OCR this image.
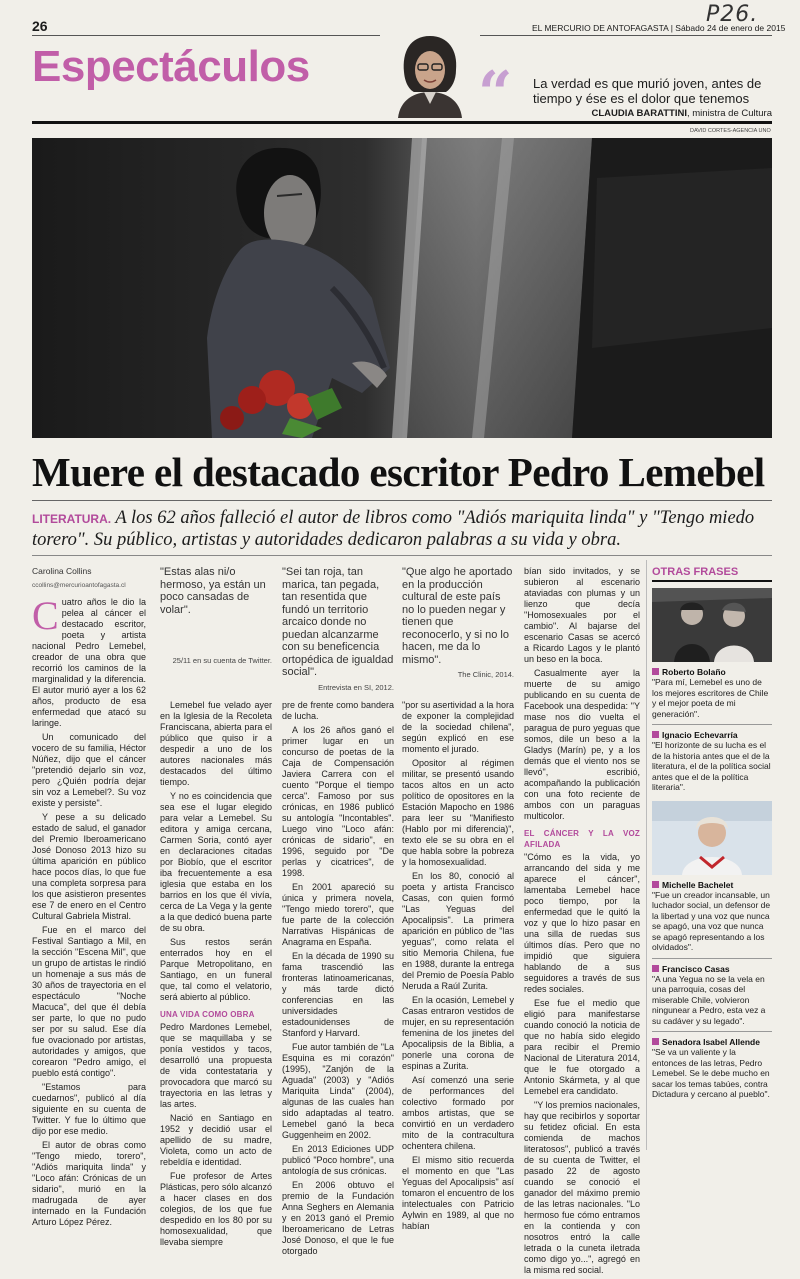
P26.
26	EL MERCURIO DE ANTOFAGASTA | Sábado 24 de enero de 2015
Espectáculos	“ La verdad es que murió joven, antes de tiempo y ése es el dolor que tenemos
CLAUDIA BARATTINI, ministra de Cultura
DAVID CORTES-AGENCIA UNO
Muere el destacado escritor Pedro Lemebel
LITERATURA. A los 62 años falleció el autor de libros como "Adiós mariquita linda" y "Tengo miedo torero". Su público, artistas y autoridades dedicaron palabras a su vida y obra.

Carolina Collins

ccollins@mercurioantofagasta.cl

Cuatro años le dio la pelea al cáncer el destacado escritor, poeta y artista nacional Pedro Lemebel, creador de una obra que recorrió los caminos de la marginalidad y la diferencia. El autor murió ayer a los 62 años, producto de esa enfermedad que atacó su laringe.

Un comunicado del vocero de su familia, Héctor Núñez, dijo que el cáncer "pretendió dejarlo sin voz, pero ¿Quién podría dejar sin voz a Lemebel?. Su voz existe y persiste".

Y pese a su delicado estado de salud, el ganador del Premio Iberoamericano José Donoso 2013 hizo su última aparición en público hace pocos días, lo que fue una completa sorpresa para los que asistieron presentes ese 7 de enero en el Centro Cultural Gabriela Mistral.

Fue en el marco del Festival Santiago a Mil, en la sección "Escena Mil", que un grupo de artistas le rindió un homenaje a sus más de 30 años de trayectoria en el espectáculo "Noche Macuca", del que él debía ser parte, lo que no pudo ser por su salud. Ese día fue ovacionado por artistas, autoridades y amigos, que corearon "Pedro amigo, el pueblo está contigo".

"Estamos para cuedarnos", publicó al día siguiente en su cuenta de Twitter. Y fue lo último que dijo por ese medio.

El autor de obras como "Tengo miedo, torero", "Adiós mariquita linda" y "Loco afán: Crónicas de un sidario", murió en la madrugada de ayer internado en la Fundación Arturo López Pérez.

"Estas alas ni/o hermoso, ya están un poco cansadas de volar".
25/11 en su cuenta de Twitter.
"Sei tan roja, tan marica, tan pegada, tan resentida que fundó un territorio arcaico donde no puedan alcanzarme con su beneficencia ortopédica de igualdad social".
Entrevista en SI, 2012.
"Que algo he aportado en la producción cultural de este país no lo pueden negar y tienen que reconocerlo, y si no lo hacen, me da lo mismo".
The Clinic, 2014.

Lemebel fue velado ayer en la Iglesia de la Recoleta Franciscana, abierta para el público que quiso ir a despedir a uno de los autores nacionales más destacados del último tiempo.

Y no es coincidencia que sea ese el lugar elegido para velar a Lemebel. Su editora y amiga cercana, Carmen Soria, contó ayer en declaraciones citadas por Biobío, que el escritor iba frecuentemente a esa iglesia que estaba en los barrios en los que él vivía, cerca de La Vega y la gente a la que dedicó buena parte de su obra.

Sus restos serán enterrados hoy en el Parque Metropolitano, en Santiago, en un funeral que, tal como el velatorio, será abierto al público.

UNA VIDA COMO OBRA

Pedro Mardones Lemebel, que se maquillaba y se ponía vestidos y tacos, desarrolló una propuesta de vida contestataria y provocadora que marcó su trayectoria en las letras y las artes.

Nació en Santiago en 1952 y decidió usar el apellido de su madre, Violeta, como un acto de rebeldía e identidad.

Fue profesor de Artes Plásticas, pero sólo alcanzó a hacer clases en dos colegios, de los que fue despedido en los 80 por su homosexualidad, que llevaba siempre

pre de frente como bandera de lucha.

A los 26 años ganó el primer lugar en un concurso de poetas de la Caja de Compensación Javiera Carrera con el cuento "Porque el tiempo cerca". Famoso por sus crónicas, en 1986 publicó su antología "Incontables". Luego vino "Loco afán: crónicas de sidario", en 1996, seguido por "De perlas y cicatrices", de 1998.

En 2001 apareció su única y primera novela, "Tengo miedo torero", que fue parte de la colección Narrativas Hispánicas de Anagrama en España.

En la década de 1990 su fama trascendió las fronteras latinoamericanas, y más tarde dictó conferencias en las universidades estadounidenses de Stanford y Harvard.

Fue autor también de "La Esquina es mi corazón" (1995), "Zanjón de la Aguada" (2003) y "Adiós Mariquita Linda" (2004), algunas de las cuales han sido adaptadas al teatro. Lemebel ganó la beca Guggenheim en 2002.

En 2013 Ediciones UDP publicó "Poco hombre", una antología de sus crónicas.

En 2006 obtuvo el premio de la Fundación Anna Seghers en Alemania y en 2013 ganó el Premio Iberoamericano de Letras José Donoso, el que le fue otorgado

"por su asertividad a la hora de exponer la complejidad de la sociedad chilena", según explicó en ese momento el jurado.

Opositor al régimen militar, se presentó usando tacos altos en un acto político de opositores en la Estación Mapocho en 1986 para leer su "Manifiesto (Hablo por mi diferencia)", texto ele se su obra en el que habla sobre la pobreza y la homosexualidad.

En los 80, conoció al poeta y artista Francisco Casas, con quien formó "Las Yeguas del Apocalipsis". La primera aparición en público de "las yeguas", como relata el sitio Memoria Chilena, fue en 1988, durante la entrega del Premio de Poesía Pablo Neruda a Raúl Zurita.

En la ocasión, Lemebel y Casas entraron vestidos de mujer, en su representación femenina de los jinetes del Apocalipsis de la Biblia, a ponerle una corona de espinas a Zurita.

Así comenzó una serie de performances del colectivo formado por ambos artistas, que se convirtió en un verdadero mito de la contracultura ochentera chilena.

El mismo sitio recuerda el momento en que "Las Yeguas del Apocalipsis" así tomaron el encuentro de los intelectuales con Patricio Aylwin en 1989, al que no habían

bían sido invitados, y se subieron al escenario ataviadas con plumas y un lienzo que decía "Homosexuales por el cambio". Al bajarse del escenario Casas se acercó a Ricardo Lagos y le plantó un beso en la boca.

Casualmente ayer la muerte de su amigo publicando en su cuenta de Facebook una despedida: "Y mase nos dio vuelta el paragua de puro yeguas que somos, dile un beso a la Gladys (Marín) pe, y a los demás que el viento nos se llevó", escribió, acompañando la publicación con una foto reciente de ambos con un paraguas multicolor.

EL CÁNCER Y LA VOZ AFILADA

"Cómo es la vida, yo arrancando del sida y me aparece el cáncer", lamentaba Lemebel hace poco tiempo, por la enfermedad que le quitó la voz y que lo hizo pasar en una silla de ruedas sus últimos días. Pero que no impidió que siguiera hablando de a sus seguidores a través de sus redes sociales.

Ese fue el medio que eligió para manifestarse cuando conoció la noticia de que no había sido elegido para recibir el Premio Nacional de Literatura 2014, que le fue otorgado a Antonio Skármeta, y al que Lemebel era candidato.

"Y los premios nacionales, hay que recibirlos y soportar su fetidez oficial. En esta comienda de machos literatosos", publicó a través de su cuenta de Twitter, el pasado 22 de agosto cuando se conoció el ganador del máximo premio de las letras nacionales. "Lo hermoso fue cómo entramos en la contienda y con nosotros entró la calle letrada o la cuneta iletrada como digo yo...", agregó en la misma red social.

OTRAS FRASES
Roberto Bolaño
"Para mí, Lemebel es uno de los mejores escritores de Chile y el mejor poeta de mi generación".
Ignacio Echevarría
"El horizonte de su lucha es el de la historia antes que el de la literatura, el de la política social antes que el de la política literaria".
Michelle Bachelet
"Fue un creador incansable, un luchador social, un defensor de la libertad y una voz que nunca se apagó, una voz que nunca se apagó representando a los olvidados".
Francisco Casas
"A una Yegua no se la vela en una parroquia, cosas del miserable Chile, volvieron ningunear a Pedro, esta vez a su cadáver y su legado".
Senadora Isabel Allende
"Se va un valiente y la entonces de las letras, Pedro Lemebel. Se le debe mucho en sacar los temas tabúes, contra Dictadura y cercano al pueblo".
